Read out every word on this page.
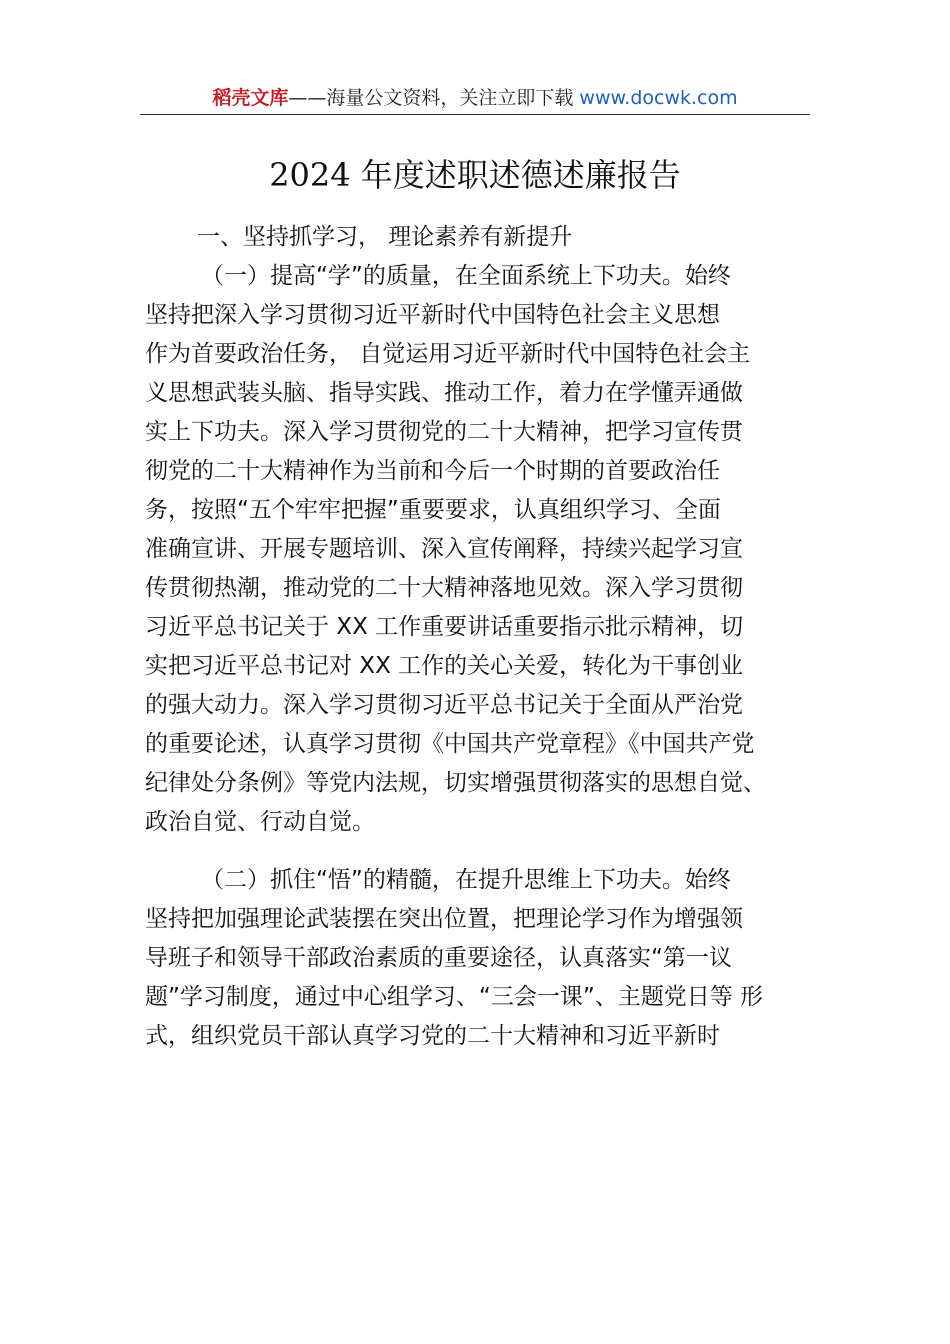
稻壳文库——海量公文资料，关注立即下载 www.docwk.com
2024 年度述职述德述廉报告
一、坚持抓学习， 理论素养有新提升
（一）提高“学”的质量，在全面系统上下功夫。始终
坚持把深入学习贯彻习近平新时代中国特色社会主义思想
作为首要政治任务， 自觉运用习近平新时代中国特色社会主
义思想武装头脑、指导实践、推动工作，着力在学懂弄通做
实上下功夫。深入学习贯彻党的二十大精神，把学习宣传贯
彻党的二十大精神作为当前和今后一个时期的首要政治任
务，按照“五个牢牢把握”重要要求，认真组织学习、全面
准确宣讲、开展专题培训、深入宣传阐释，持续兴起学习宣
传贯彻热潮，推动党的二十大精神落地见效。深入学习贯彻
习近平总书记关于 XX 工作重要讲话重要指示批示精神，切
实把习近平总书记对 XX 工作的关心关爱，转化为干事创业
的强大动力。深入学习贯彻习近平总书记关于全面从严治党
的重要论述，认真学习贯彻《中国共产党章程》《中国共产党
纪律处分条例》等党内法规，切实增强贯彻落实的思想自觉、
政治自觉、行动自觉。
（二）抓住“悟”的精髓，在提升思维上下功夫。始终
坚持把加强理论武装摆在突出位置，把理论学习作为增强领
导班子和领导干部政治素质的重要途径，认真落实“第一议
题”学习制度，通过中心组学习、“三会一课”、主题党日等 形
式，组织党员干部认真学习党的二十大精神和习近平新时
